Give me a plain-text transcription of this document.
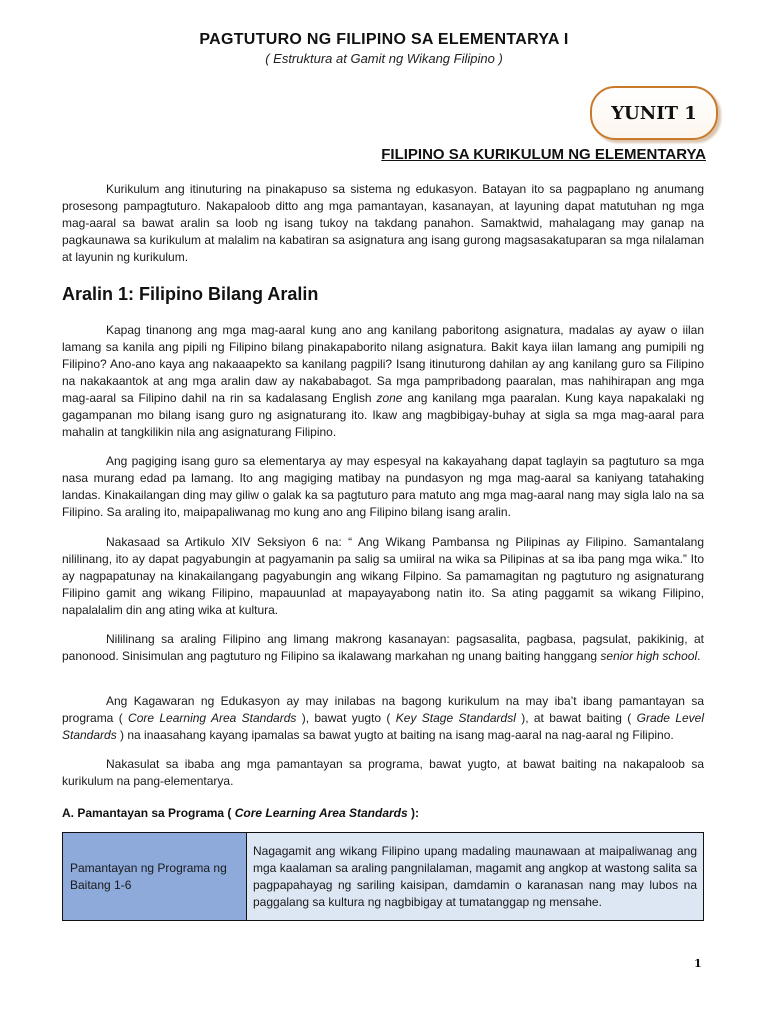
PAGTUTURO NG FILIPINO SA ELEMENTARYA I
( Estruktura at Gamit ng Wikang Filipino )
YUNIT 1
FILIPINO SA KURIKULUM NG ELEMENTARYA
Kurikulum ang itinuturing na pinakapuso sa sistema ng edukasyon. Batayan ito sa pagpaplano ng anumang prosesong pampagtuturo. Nakapaloob ditto ang mga pamantayan, kasanayan, at layuning dapat matutuhan ng mga mag-aaral sa bawat aralin sa loob ng isang tukoy na takdang panahon. Samaktwid, mahalagang may ganap na pagkaunawa sa kurikulum at malalim na kabatiran sa asignatura ang isang gurong magsasakatuparan sa mga nilalaman at layunin ng kurikulum.
Aralin 1: Filipino Bilang Aralin
Kapag tinanong ang mga mag-aaral kung ano ang kanilang paboritong asignatura, madalas ay ayaw o iilan lamang sa kanila ang pipili ng Filipino bilang pinakapaborito nilang asignatura. Bakit kaya iilan lamang ang pumipili ng Filipino? Ano-ano kaya ang nakaaapekto sa kanilang pagpili? Isang itinuturong dahilan ay ang kanilang guro sa Filipino na nakakaantok at ang mga aralin daw ay nakababagot. Sa mga pampribadong paaralan, mas nahihirapan ang mga mag-aaral sa Filipino dahil na rin sa kadalasang English zone ang kanilang mga paaralan. Kung kaya napakalaki ng gagampanan mo bilang isang guro ng asignaturang ito. Ikaw ang magbibigay-buhay at sigla sa mga mag-aaral para mahalin at tangkilikin nila ang asignaturang Filipino.
Ang pagiging isang guro sa elementarya ay may espesyal na kakayahang dapat taglayin sa pagtuturo sa mga nasa murang edad pa lamang. Ito ang magiging matibay na pundasyon ng mga mag-aaral sa kaniyang tatahaking landas. Kinakailangan ding may giliw o galak ka sa pagtuturo para matuto ang mga mag-aaral nang may sigla lalo na sa Filipino. Sa araling ito, maipapaliwanag mo kung ano ang Filipino bilang isang aralin.
Nakasaad sa Artikulo XIV Seksiyon 6 na: “ Ang Wikang Pambansa ng Pilipinas ay Filipino. Samantalang nililinang, ito ay dapat pagyabungin at pagyamanin pa salig sa umiiral na wika sa Pilipinas at sa iba pang mga wika.” Ito ay nagpapatunay na kinakailangang pagyabungin ang wikang Filpino. Sa pamamagitan ng pagtuturo ng asignaturang Filipino gamit ang wikang Filipino, mapauunlad at mapayayabong natin ito. Sa ating paggamit sa wikang Filipino, napalalalim din ang ating wika at kultura.
Nililinang sa araling Filipino ang limang makrong kasanayan: pagsasalita, pagbasa, pagsulat, pakikinig, at panonood. Sinisimulan ang pagtuturo ng Filipino sa ikalawang markahan ng unang baiting hanggang senior high school.
Ang Kagawaran ng Edukasyon ay may inilabas na bagong kurikulum na may iba’t ibang pamantayan sa programa ( Core Learning Area Standards ), bawat yugto ( Key Stage Standardsl ), at bawat baiting ( Grade Level Standards ) na inaasahang kayang ipamalas sa bawat yugto at baiting na isang mag-aaral na nag-aaral ng Filipino.
Nakasulat sa ibaba ang mga pamantayan sa programa, bawat yugto, at bawat baiting na nakapaloob sa kurikulum na pang-elementarya.
A. Pamantayan sa Programa ( Core Learning Area Standards ):
Pamantayan ng Programa ng Baitang 1-6	Nagagamit ang wikang Filipino upang madaling maunawaan at maipaliwanag ang mga kaalaman sa araling pangnilalaman, magamit ang angkop at wastong salita sa pagpapahayag ng sariling kaisipan, damdamin o karanasan nang may lubos na paggalang sa kultura ng nagbibigay at tumatanggap ng mensahe.
1
